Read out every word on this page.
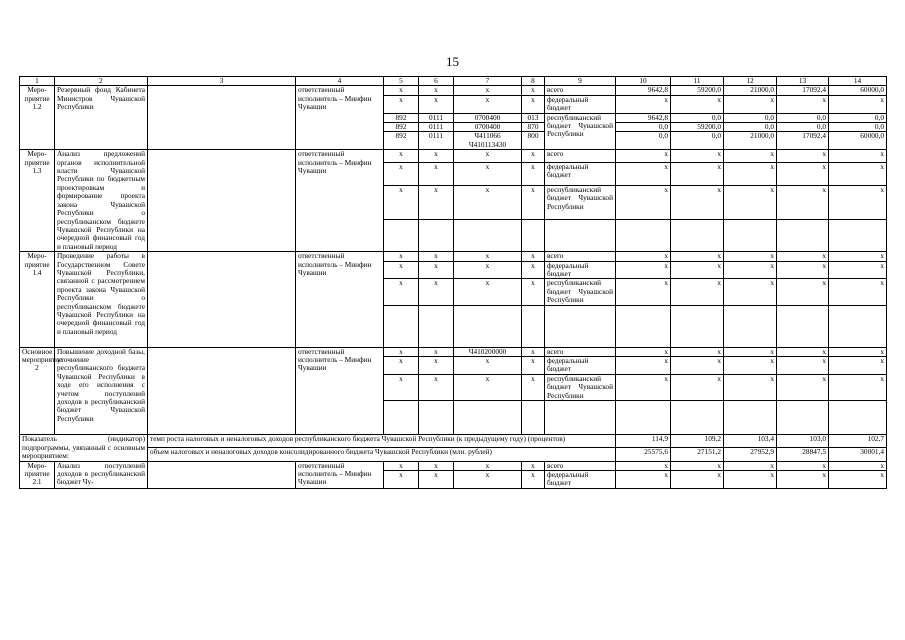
15
1	2	3	4	5	6	7	8	9	10	11	12	13	14
Меро-приятие 1.2	Резервный фонд Кабинета Министров Чувашской Республики		ответственный исполнитель – Минфин Чувашии	x	x	x	x	всего	9642,8	59200,0	21000,0	17092,4	60000,0
				x	x	x	x	федеральный бюджет	x	x	x	x	x
				892	0111	0700400	013	республиканский бюджет Чувашской Республики	9642,8	0,0	0,0	0,0	0,0
				892	0111	0700400	870		0,0	59200,0	0,0	0,0	0,0
				892	0111	Ч411066 Ч410113430	800		0,0	0,0	21000,0	17092,4	60000,0
Меро-приятие 1.3	Анализ предложений органов исполнительной власти Чувашской Республики по бюджетным проектировкам и формирование проекта закона Чувашской Республики о республиканском бюджете Чувашской Республики на очередной финансовый год и плановый период		ответственный исполнитель – Минфин Чувашии	x	x	x	x	всего	x	x	x	x	x
				x	x	x	x	федеральный бюджет	x	x	x	x	x
				x	x	x	x	республиканский бюджет Чувашской Республики	x	x	x	x	x

Меро-приятие 1.4	Проведение работы в Государственном Совете Чувашской Республики, связанной с рассмотрением проекта закона Чувашской Республики о республиканском бюджете Чувашской Республики на очередной финансовый год и плановый период		ответственный исполнитель – Минфин Чувашии	x	x	x	x	всего	x	x	x	x	x
				x	x	x	x	федеральный бюджет	x	x	x	x	x
				x	x	x	x	республиканский бюджет Чувашской Республики	x	x	x	x	x

Основное мероприятие 2	Повышение доходной базы, уточнение республиканского бюджета Чувашской Республики в ходе его исполнения с учетом поступлений доходов в республиканский бюджет Чувашской Республики		ответственный исполнитель – Минфин Чувашии	x	x	Ч410200000	x	всего	x	x	x	x	x
				x	x	x	x	федеральный бюджет	x	x	x	x	x
				x	x	x	x	республиканский бюджет Чувашской Республики	x	x	x	x	x

Показатель (индикатор) подпрограммы, увязанный с основным мероприятием:		темп роста налоговых и неналоговых доходов республиканского бюджета Чувашской Республики (к предыдущему году) (процентов)							114,9	109,2	103,4	103,0	102,7
		объем налоговых и неналоговых доходов консолидированного бюджета Чувашской Республики (млн. рублей)							25575,6	27151,2	27952,9	28847,5	30001,4
Меро-приятие 2.1	Анализ поступлений доходов в республиканский бюджет Чу-		ответственный исполнитель – Минфин Чувашии	x	x	x	x	всего	x	x	x	x	x
				x	x	x	x	федеральный бюджет	x	x	x	x	x
